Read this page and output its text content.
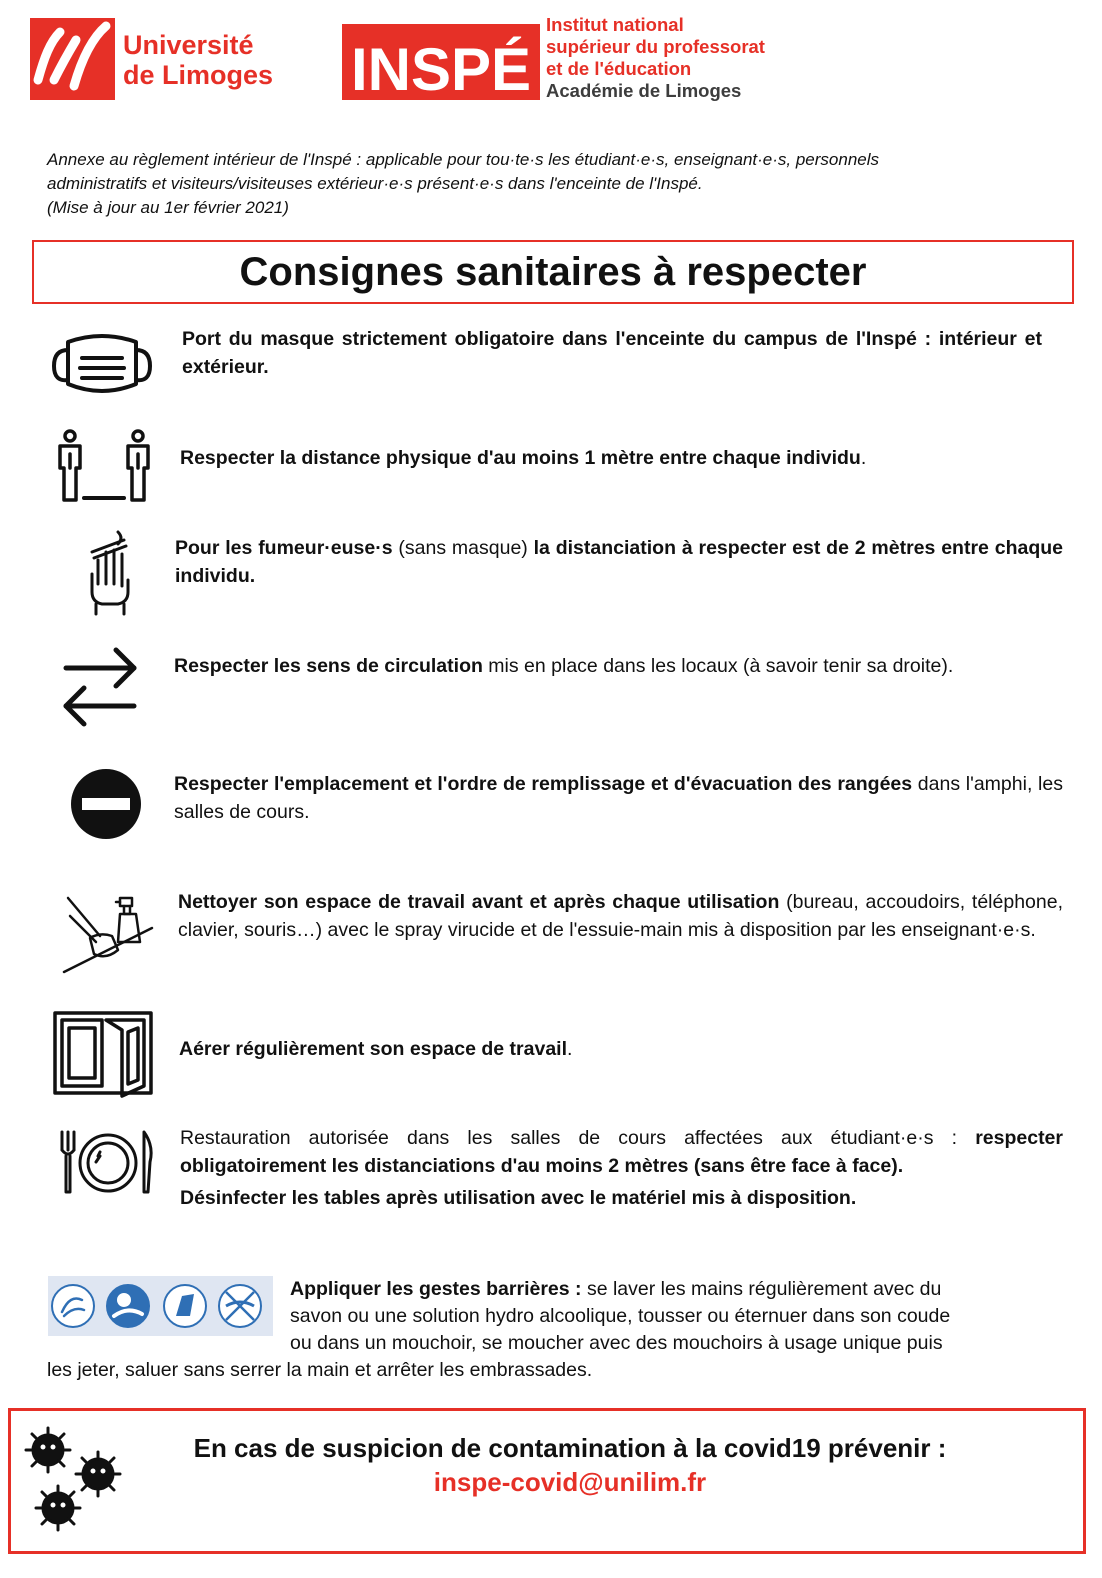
Université
de Limoges INSPÉ
Institut national
supérieur du professorat
et de l'éducation
Académie de Limoges
Annexe au règlement intérieur de l'Inspé : applicable pour tou·te·s les étudiant·e·s, enseignant·e·s, personnels
administratifs et visiteurs/visiteuses extérieur·e·s présent·e·s dans l'enceinte de l'Inspé.
(Mise à jour au 1er février 2021)
Consignes sanitaires à respecter
Port du masque strictement obligatoire dans l'enceinte du campus de l'Inspé : intérieur et extérieur.
Respecter la distance physique d'au moins 1 mètre entre chaque individu.
Pour les fumeur·euse·s (sans masque) la distanciation à respecter est de 2 mètres entre chaque individu.
Respecter les sens de circulation mis en place dans les locaux (à savoir tenir sa droite).
Respecter l'emplacement et l'ordre de remplissage et d'évacuation des rangées dans l'amphi, les salles de cours.
Nettoyer son espace de travail avant et après chaque utilisation (bureau, accoudoirs, téléphone, clavier, souris…) avec le spray virucide et de l'essuie-main mis à disposition par les enseignant·e·s.
Aérer régulièrement son espace de travail.
Restauration autorisée dans les salles de cours affectées aux étudiant·e·s : respecter obligatoirement les distanciations d'au moins 2 mètres (sans être face à face).
Désinfecter les tables après utilisation avec le matériel mis à disposition.
Appliquer les gestes barrières : se laver les mains régulièrement avec du
savon ou une solution hydro alcoolique, tousser ou éternuer dans son coude
ou dans un mouchoir, se moucher avec des mouchoirs à usage unique puis
les jeter, saluer sans serrer la main et arrêter les embrassades.
En cas de suspicion de contamination à la covid19 prévenir :
inspe-covid@unilim.fr
